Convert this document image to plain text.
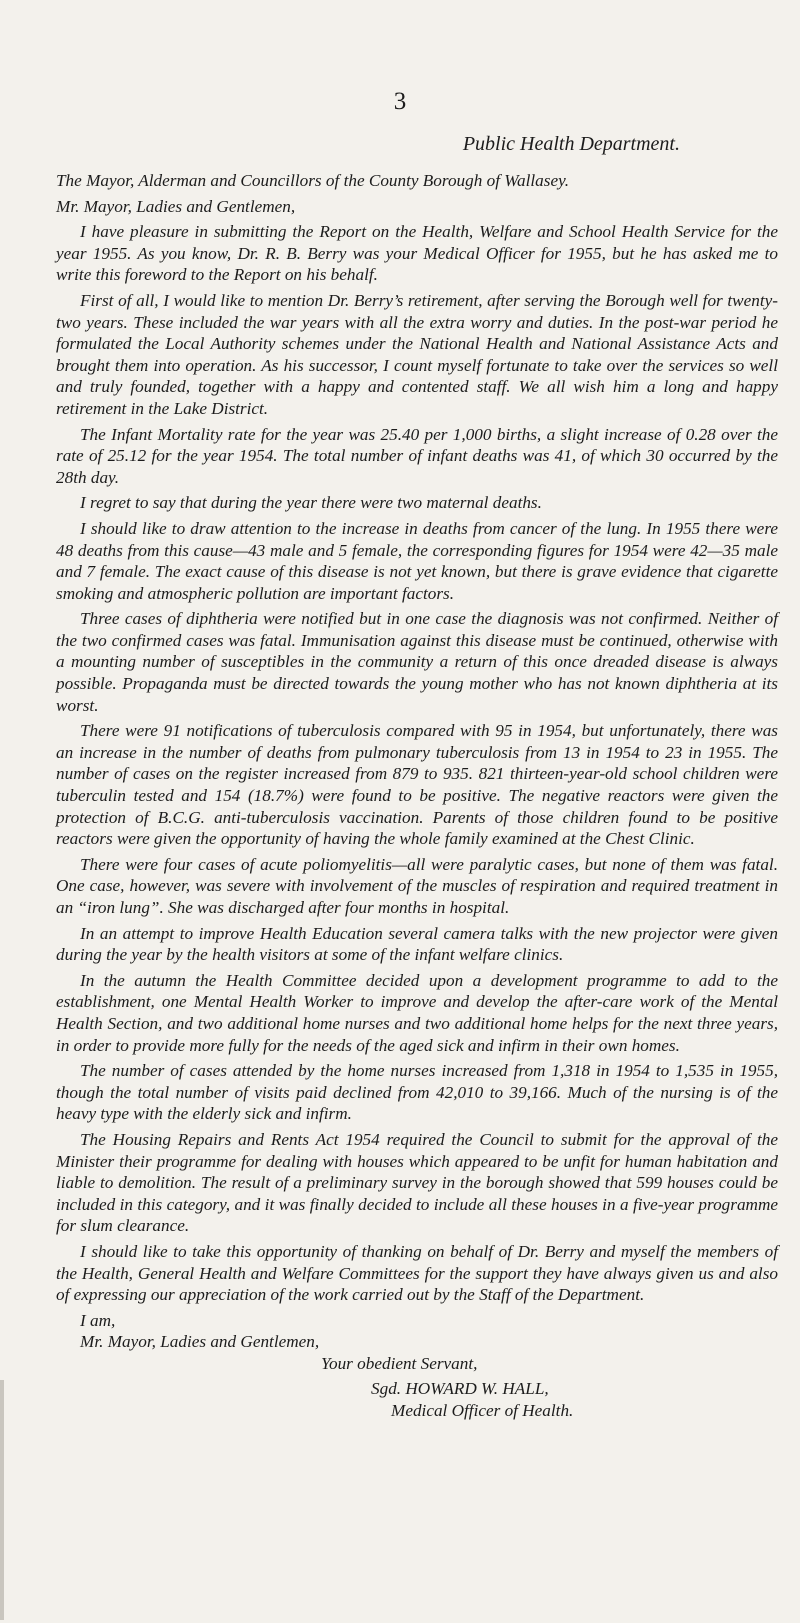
3
Public Health Department.

The Mayor, Alderman and Councillors of the County Borough of Wallasey.

Mr. Mayor, Ladies and Gentlemen,

I have pleasure in submitting the Report on the Health, Welfare and School Health Service for the year 1955. As you know, Dr. R. B. Berry was your Medical Officer for 1955, but he has asked me to write this foreword to the Report on his behalf.

First of all, I would like to mention Dr. Berry’s retirement, after serving the Borough well for twenty-two years. These included the war years with all the extra worry and duties. In the post-war period he formulated the Local Authority schemes under the National Health and National Assistance Acts and brought them into operation. As his successor, I count myself fortunate to take over the services so well and truly founded, together with a happy and contented staff. We all wish him a long and happy retirement in the Lake District.

The Infant Mortality rate for the year was 25.40 per 1,000 births, a slight increase of 0.28 over the rate of 25.12 for the year 1954. The total number of infant deaths was 41, of which 30 occurred by the 28th day.

I regret to say that during the year there were two maternal deaths.

I should like to draw attention to the increase in deaths from cancer of the lung. In 1955 there were 48 deaths from this cause—43 male and 5 female, the corresponding figures for 1954 were 42—35 male and 7 female. The exact cause of this disease is not yet known, but there is grave evidence that cigarette smoking and atmospheric pollution are important factors.

Three cases of diphtheria were notified but in one case the diagnosis was not confirmed. Neither of the two confirmed cases was fatal. Immunisation against this disease must be continued, otherwise with a mounting number of susceptibles in the community a return of this once dreaded disease is always possible. Propaganda must be directed towards the young mother who has not known diphtheria at its worst.

There were 91 notifications of tuberculosis compared with 95 in 1954, but unfortunately, there was an increase in the number of deaths from pulmonary tuberculosis from 13 in 1954 to 23 in 1955. The number of cases on the register increased from 879 to 935. 821 thirteen-year-old school children were tuberculin tested and 154 (18.7%) were found to be positive. The negative reactors were given the protection of B.C.G. anti-tuberculosis vaccination. Parents of those children found to be positive reactors were given the opportunity of having the whole family examined at the Chest Clinic.

There were four cases of acute poliomyelitis—all were paralytic cases, but none of them was fatal. One case, however, was severe with involvement of the muscles of respiration and required treatment in an “iron lung”. She was discharged after four months in hospital.

In an attempt to improve Health Education several camera talks with the new projector were given during the year by the health visitors at some of the infant welfare clinics.

In the autumn the Health Committee decided upon a development programme to add to the establishment, one Mental Health Worker to improve and develop the after-care work of the Mental Health Section, and two additional home nurses and two additional home helps for the next three years, in order to provide more fully for the needs of the aged sick and infirm in their own homes.

The number of cases attended by the home nurses increased from 1,318 in 1954 to 1,535 in 1955, though the total number of visits paid declined from 42,010 to 39,166. Much of the nursing is of the heavy type with the elderly sick and infirm.

The Housing Repairs and Rents Act 1954 required the Council to submit for the approval of the Minister their programme for dealing with houses which appeared to be unfit for human habitation and liable to demolition. The result of a preliminary survey in the borough showed that 599 houses could be included in this category, and it was finally decided to include all these houses in a five-year programme for slum clearance.

I should like to take this opportunity of thanking on behalf of Dr. Berry and myself the members of the Health, General Health and Welfare Committees for the support they have always given us and also of expressing our appreciation of the work carried out by the Staff of the Department.

I am,
Mr. Mayor, Ladies and Gentlemen,
Your obedient Servant,
Sgd. HOWARD W. HALL,
Medical Officer of Health.
